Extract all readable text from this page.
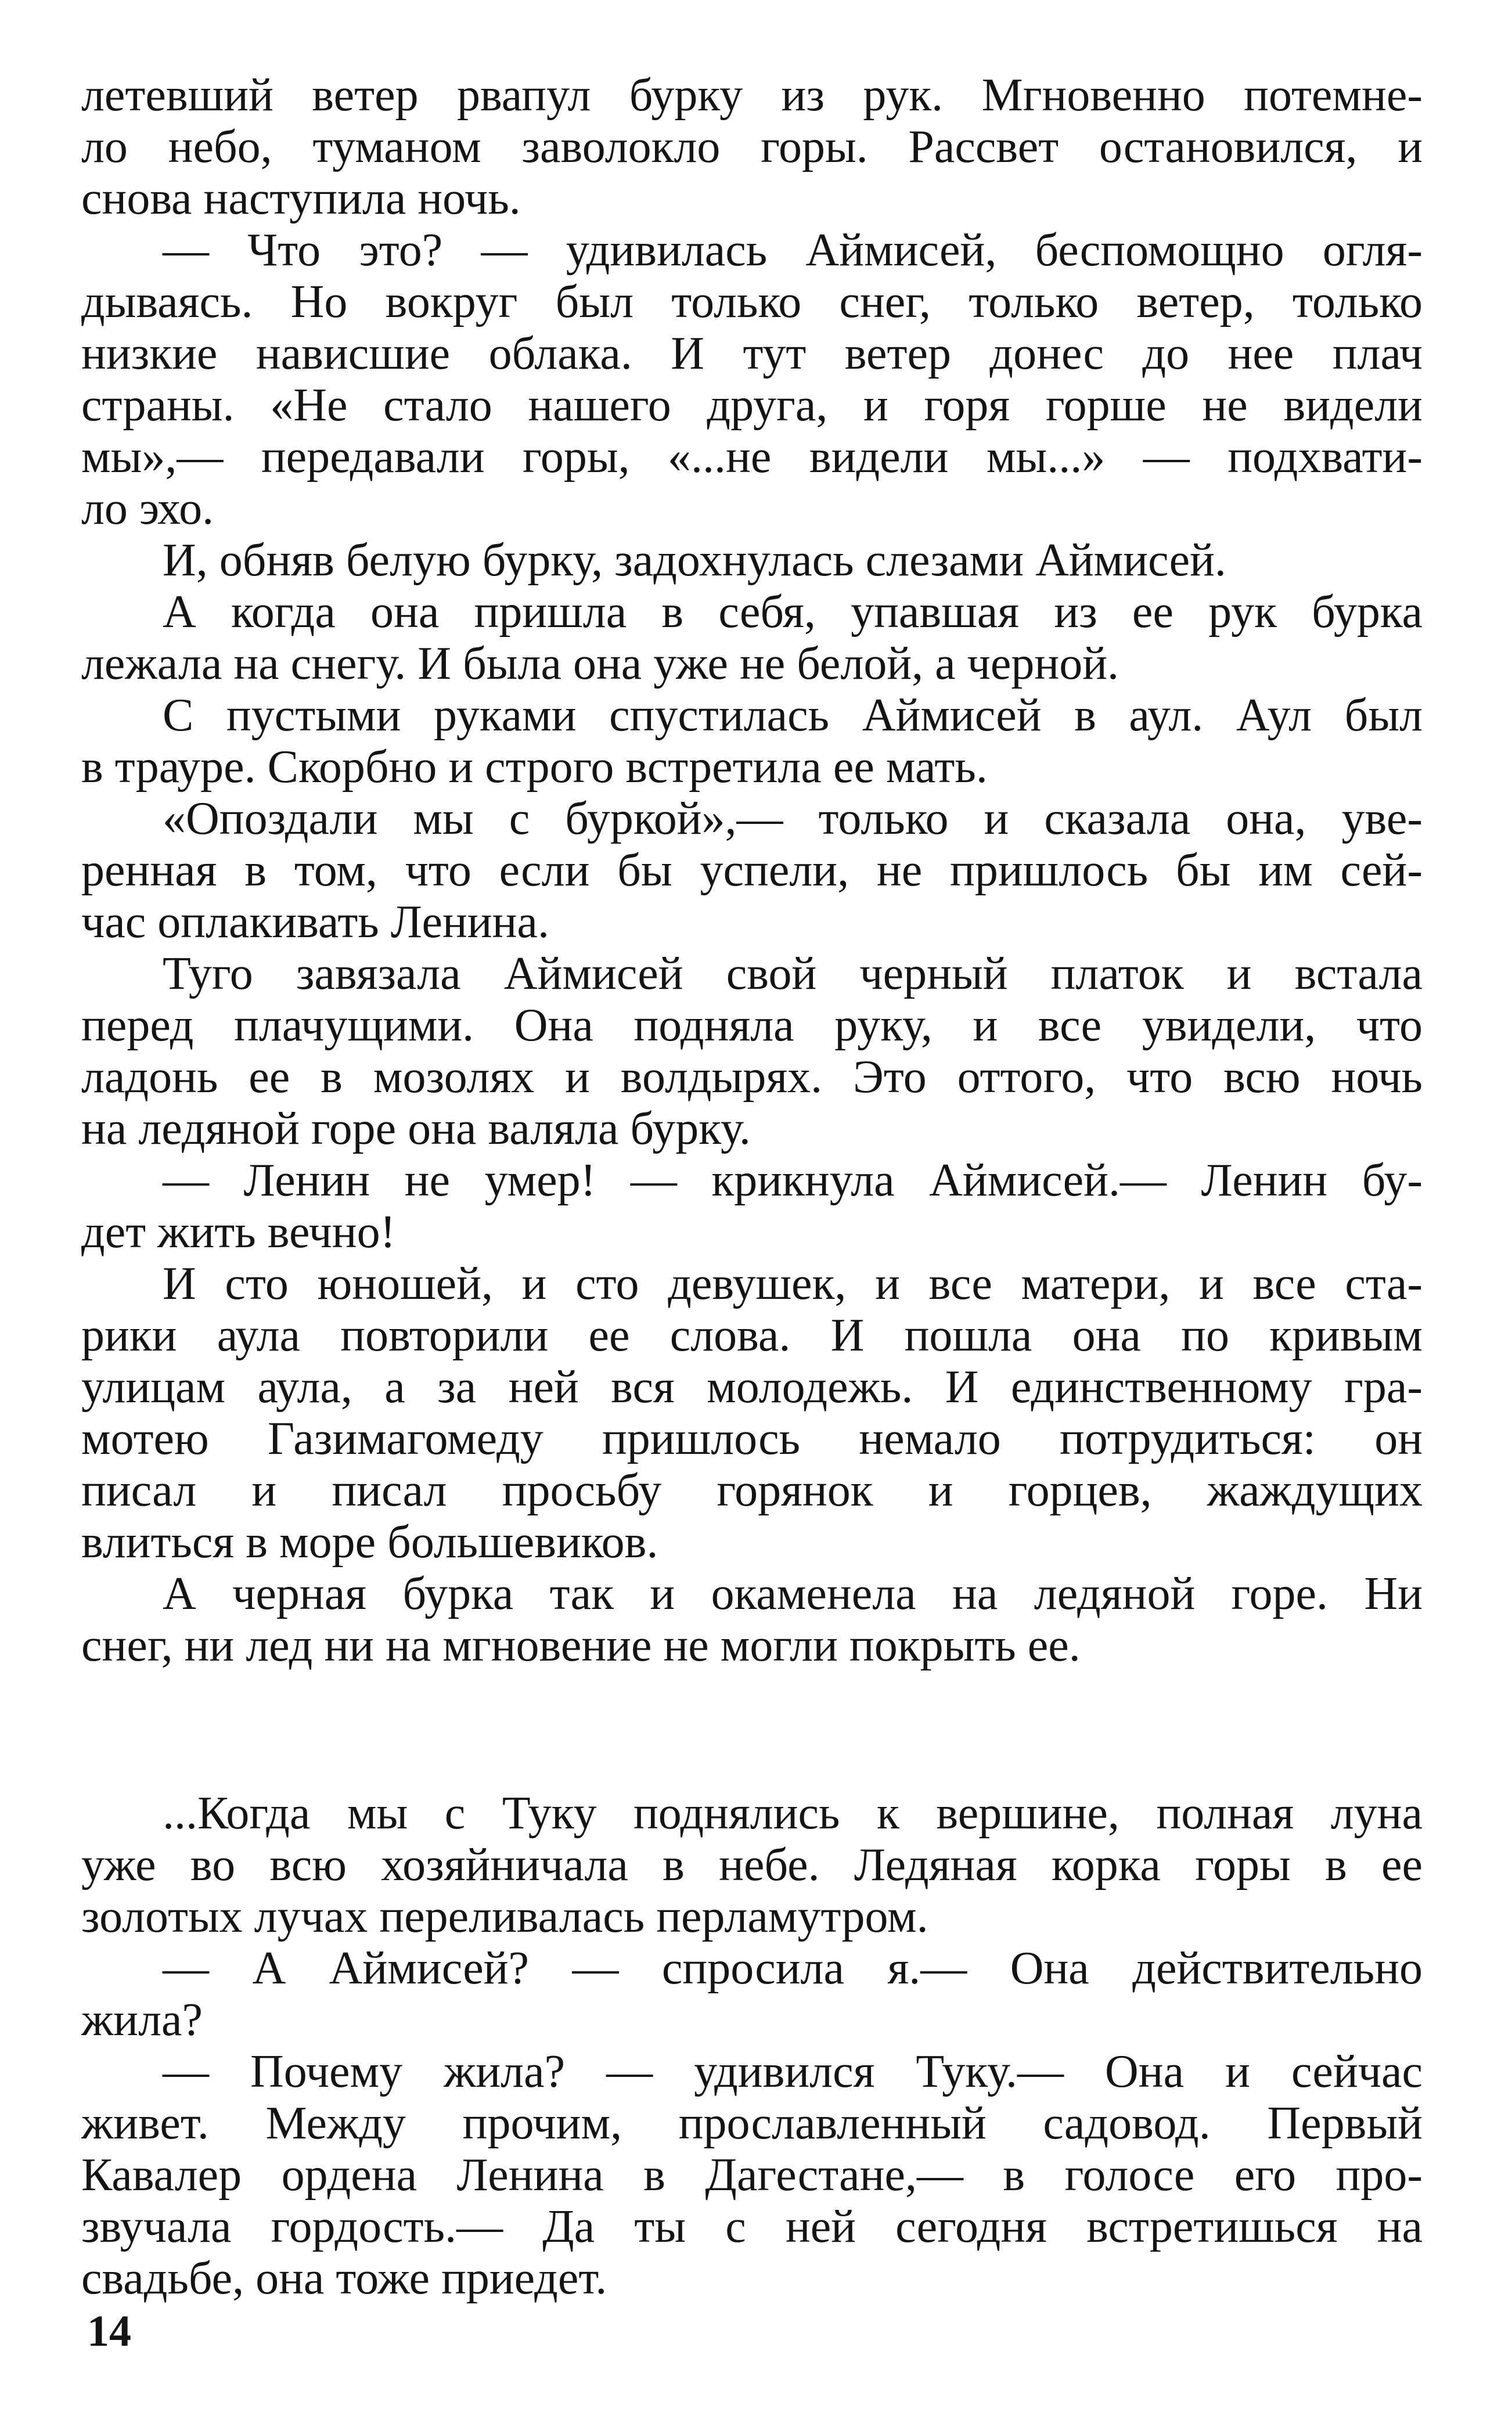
летевший ветер рвапул бурку из рук. Мгновенно потемне-
ло небо, туманом заволокло горы. Рассвет остановился, и
снова наступила ночь.
— Что это? — удивилась Аймисей, беспомощно огля-
дываясь. Но вокруг был только снег, только ветер, только
низкие нависшие облака. И тут ветер донес до нее плач
страны. «Не стало нашего друга, и горя горше не видели
мы»,— передавали горы, «...не видели мы...» — подхвати-
ло эхо.
И, обняв белую бурку, задохнулась слезами Аймисей.
А когда она пришла в себя, упавшая из ее рук бурка
лежала на снегу. И была она уже не белой, а черной.
С пустыми руками спустилась Аймисей в аул. Аул был
в трауре. Скорбно и строго встретила ее мать.
«Опоздали мы с буркой»,— только и сказала она, уве-
ренная в том, что если бы успели, не пришлось бы им сей-
час оплакивать Ленина.
Туго завязала Аймисей свой черный платок и встала
перед плачущими. Она подняла руку, и все увидели, что
ладонь ее в мозолях и волдырях. Это оттого, что всю ночь
на ледяной горе она валяла бурку.
— Ленин не умер! — крикнула Аймисей.— Ленин бу-
дет жить вечно!
И сто юношей, и сто девушек, и все матери, и все ста-
рики аула повторили ее слова. И пошла она по кривым
улицам аула, а за ней вся молодежь. И единственному гра-
мотею Газимагомеду пришлось немало потрудиться: он
писал и писал просьбу горянок и горцев, жаждущих
влиться в море большевиков.
А черная бурка так и окаменела на ледяной горе. Ни
снег, ни лед ни на мгновение не могли покрыть ее.
...Когда мы с Туку поднялись к вершине, полная луна
уже во всю хозяйничала в небе. Ледяная корка горы в ее
золотых лучах переливалась перламутром.
— А Аймисей? — спросила я.— Она действительно
жила?
— Почему жила? — удивился Туку.— Она и сейчас
живет. Между прочим, прославленный садовод. Первый
Кавалер ордена Ленина в Дагестане,— в голосе его про-
звучала гордость.— Да ты с ней сегодня встретишься на
свадьбе, она тоже приедет.
14
